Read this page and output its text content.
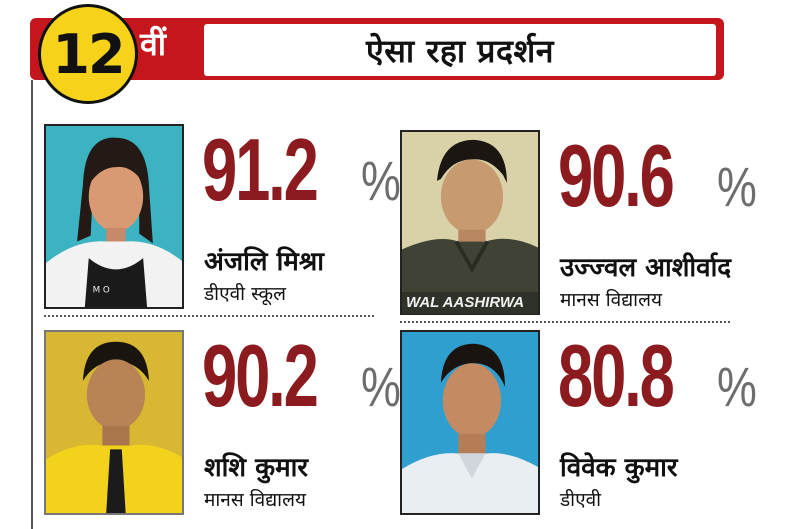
ऐसा रहा प्रदर्शन
12 वीं
M O
91.2 %
अंजलि मिश्रा
डीएवी स्कूल
90.6 %
उज्ज्वल आशीर्वाद
मानस विद्यालय
90.2 %
शशि कुमार
मानस विद्यालय
80.8 %
विवेक कुमार
डीएवी
WAL AASHIRWA
